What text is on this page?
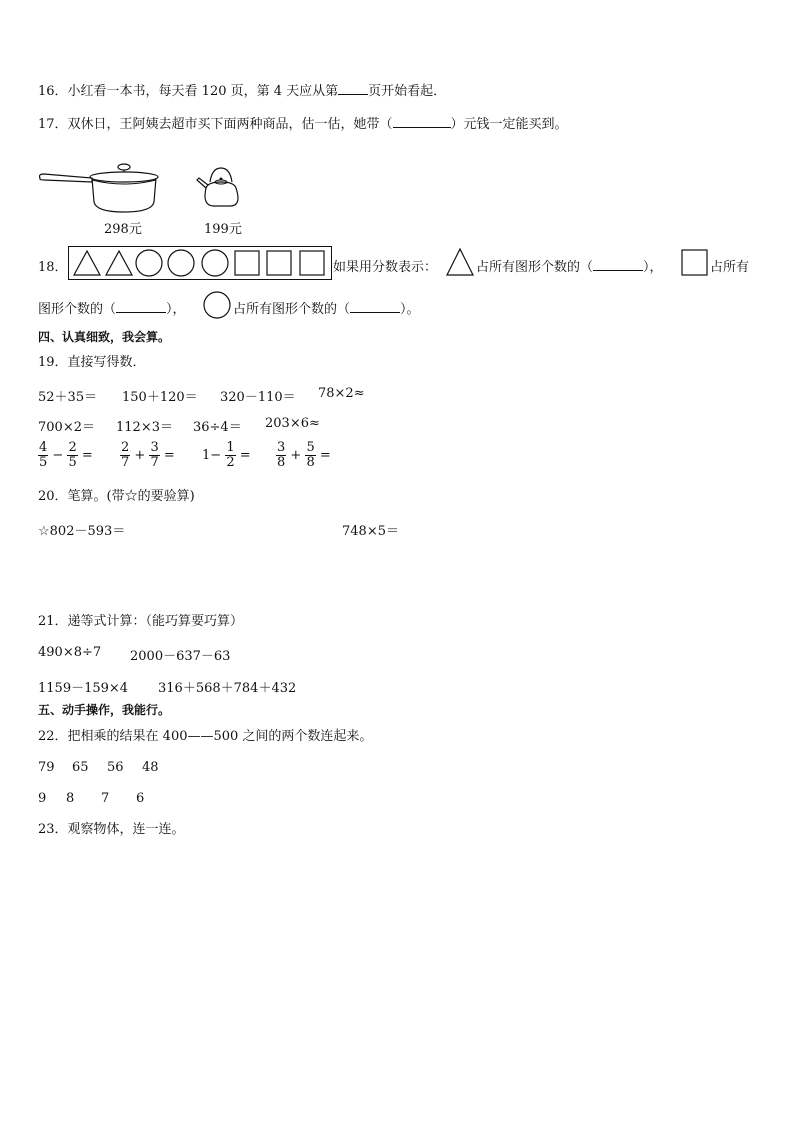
16．小红看一本书，每天看 120 页，第 4 天应从第 页开始看起．
17．双休日，王阿姨去超市买下面两种商品，估一估，她带（	）元钱一定能买到。
298元	199元
18．	如果用分数表示：	占所有图形个数的（	），	占所有
图形个数的（	），	占所有图形个数的（	）。
四、认真细致，我会算。
19．直接写得数．
52＋35＝ 150＋120＝ 320－110＝ 78×2≈
700×2＝ 112×3＝ 36÷4＝ 203×6≈
$\frac{4}{5} - \frac{2}{5} = \frac{2}{7} + \frac{3}{7} = 1- \frac{1}{2} = \frac{3}{8} + \frac{5}{8}$ =
20．笔算。(带☆的要验算)
☆802－593＝	748×5＝
21．递等式计算：（能巧算要巧算）
490×8÷7 2000－637－63
1159－159×4 316＋568＋784＋432
五、动手操作，我能行。
22．把相乘的结果在 400——500 之间的两个数连起来。
79 65 56 48
9 8 7 6
23．观察物体，连一连。
